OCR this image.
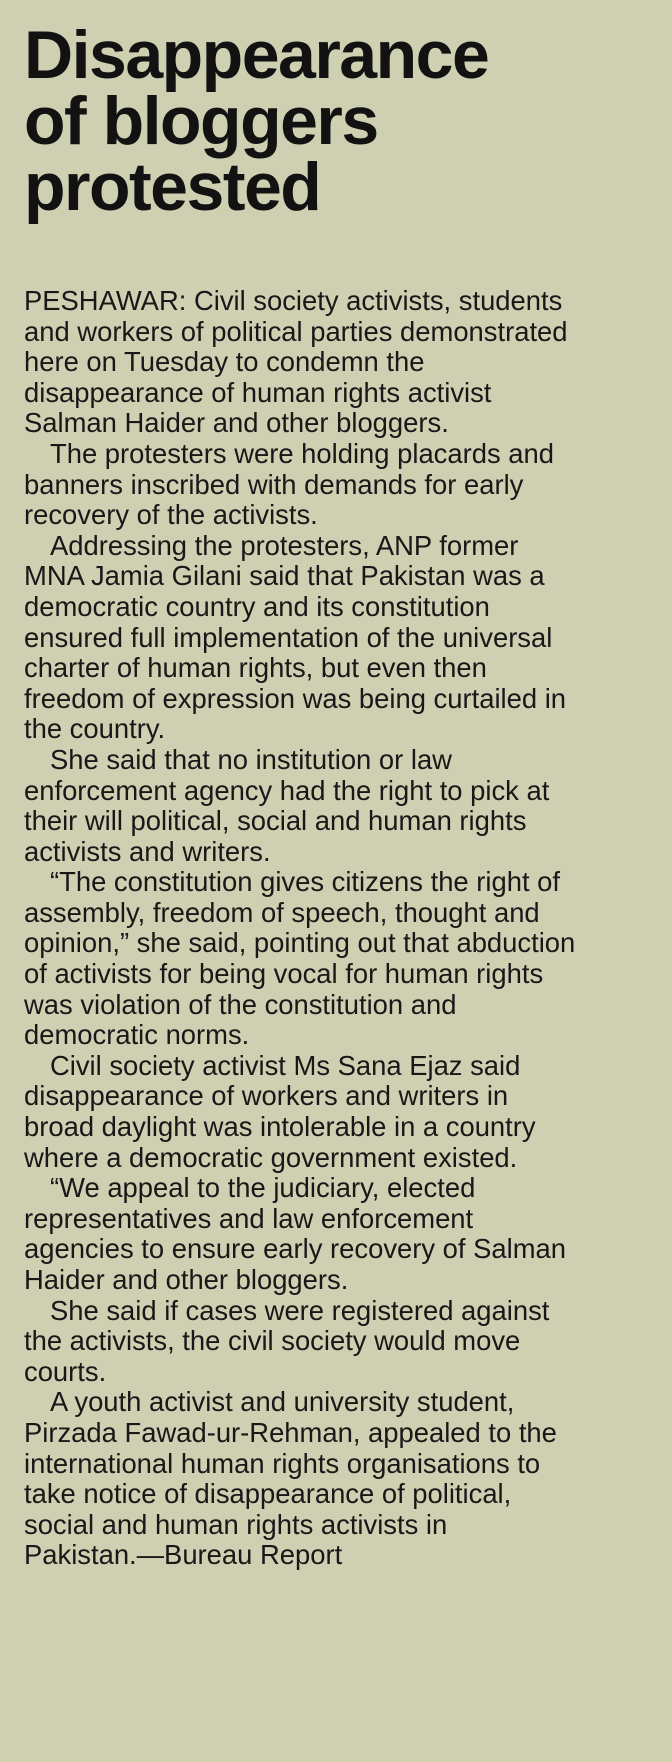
Disappearance
of bloggers
protested

PESHAWAR: Civil society activists, students
and workers of political parties demonstrated
here on Tuesday to condemn the
disappearance of human rights activist
Salman Haider and other bloggers.

The protesters were holding placards and
banners inscribed with demands for early
recovery of the activists.

Addressing the protesters, ANP former
MNA Jamia Gilani said that Pakistan was a
democratic country and its constitution
ensured full implementation of the universal
charter of human rights, but even then
freedom of expression was being curtailed in
the country.

She said that no institution or law
enforcement agency had the right to pick at
their will political, social and human rights
activists and writers.

“The constitution gives citizens the right of
assembly, freedom of speech, thought and
opinion,” she said, pointing out that abduction
of activists for being vocal for human rights
was violation of the constitution and
democratic norms.

Civil society activist Ms Sana Ejaz said
disappearance of workers and writers in
broad daylight was intolerable in a country
where a democratic government existed.

“We appeal to the judiciary, elected
representatives and law enforcement
agencies to ensure early recovery of Salman
Haider and other bloggers.

She said if cases were registered against
the activists, the civil society would move
courts.

A youth activist and university student,
Pirzada Fawad-ur-Rehman, appealed to the
international human rights organisations to
take notice of disappearance of political,
social and human rights activists in
Pakistan.—Bureau Report
